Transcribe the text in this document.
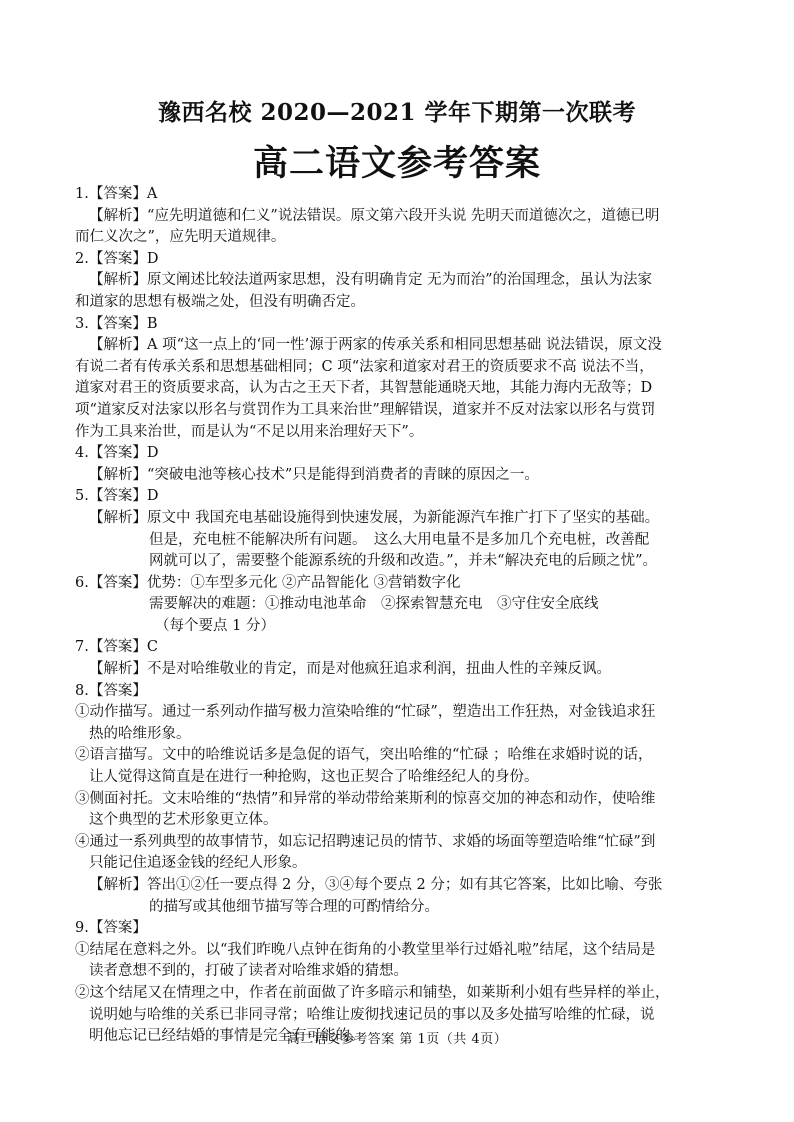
豫西名校 2020—2021 学年下期第一次联考
高二语文参考答案
1.【答案】A
【解析】“应先明道德和仁义”说法错误。原文第六段开头说 先明天而道德次之，道德已明
而仁义次之”，应先明天道规律。
2.【答案】D
【解析】原文阐述比较法道两家思想，没有明确肯定 无为而治”的治国理念，虽认为法家
和道家的思想有极端之处，但没有明确否定。
3.【答案】B
【解析】A 项“这一点上的‘同一性’源于两家的传承关系和相同思想基础 说法错误，原文没
有说二者有传承关系和思想基础相同；C 项“法家和道家对君王的资质要求不高 说法不当，
道家对君王的资质要求高，认为古之王天下者，其智慧能通晓天地，其能力海内无敌等；D
项“道家反对法家以形名与赏罚作为工具来治世”理解错误，道家并不反对法家以形名与赏罚
作为工具来治世，而是认为“不足以用来治理好天下”。
4.【答案】D
【解析】“突破电池等核心技术”只是能得到消费者的青睐的原因之一。
5.【答案】D
【解析】原文中 我国充电基础设施得到快速发展，为新能源汽车推广打下了坚实的基础。
但是，充电桩不能解决所有问题。　这么大用电量不是多加几个充电桩，改善配
网就可以了，需要整个能源系统的升级和改造。”，并未“解决充电的后顾之忧”。
6.【答案】优势：①车型多元化 ②产品智能化 ③营销数字化
需要解决的难题：①推动电池革命　②探索智慧充电　③守住安全底线
（每个要点 1 分）
7.【答案】C
【解析】不是对哈维敬业的肯定，而是对他疯狂追求利润，扭曲人性的辛辣反讽。
8.【答案】
①动作描写。通过一系列动作描写极力渲染哈维的“忙碌”，塑造出工作狂热，对金钱追求狂
热的哈维形象。
②语言描写。文中的哈维说话多是急促的语气，突出哈维的“忙碌 ；哈维在求婚时说的话，
让人觉得这简直是在进行一种抢购，这也正契合了哈维经纪人的身份。
③侧面衬托。文末哈维的“热情”和异常的举动带给莱斯利的惊喜交加的神态和动作，使哈维
这个典型的艺术形象更立体。
④通过一系列典型的故事情节，如忘记招聘速记员的情节、求婚的场面等塑造哈维“忙碌”到
只能记住追逐金钱的经纪人形象。
【解析】答出①②任一要点得 2 分，③④每个要点 2 分；如有其它答案，比如比喻、夸张
的描写或其他细节描写等合理的可酌情给分。
9.【答案】
①结尾在意料之外。以“我们昨晚八点钟在街角的小教堂里举行过婚礼啦”结尾，这个结局是
读者意想不到的，打破了读者对哈维求婚的猜想。
②这个结尾又在情理之中，作者在前面做了许多暗示和铺垫，如莱斯利小姐有些异样的举止，
说明她与哈维的关系已非同寻常；哈维让废彻找速记员的事以及多处描写哈维的忙碌，说
明他忘记已经结婚的事情是完全有可能的。
高二语文参考答案 第 1页（共 4页）
